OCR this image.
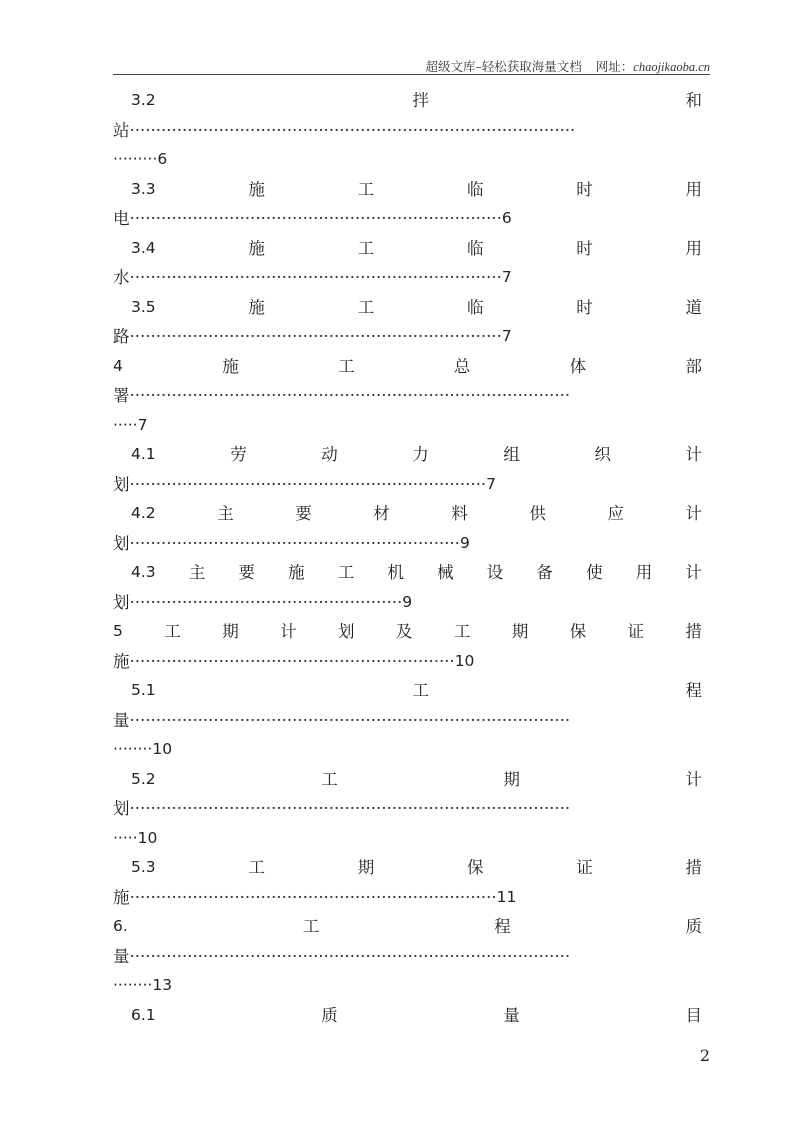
超级文库–轻松获取海量文档 网址：chaojikaoba.cn
3.2	拌	和
站 ·····················································································
·········6
3.3	施	工	临	时	用
电 ······································································· 6
3.4	施	工	临	时	用
水 ······································································· 7
3.5	施	工	临	时	道
路 ······································································· 7
4	施	工	总	体	部
署 ····················································································
·····7
4.1	劳	动	力	组	织	计
划 ···································································· 7
4.2	主	要	材	料	供	应	计
划 ······························································· 9
4.3 主 要 施 工 机 械 设 备 使 用 计
划 ···················································· 9
5	工	期	计	划	及	工	期	保	证	措
施 ······························································ 10
5.1	工	程
量 ····················································································
········10
5.2	工	期	计
划 ····················································································
·····10
5.3	工	期	保	证	措
施 ······································································ 11
6.	工	程	质
量 ····················································································
········13
6.1	质	量	目
2
